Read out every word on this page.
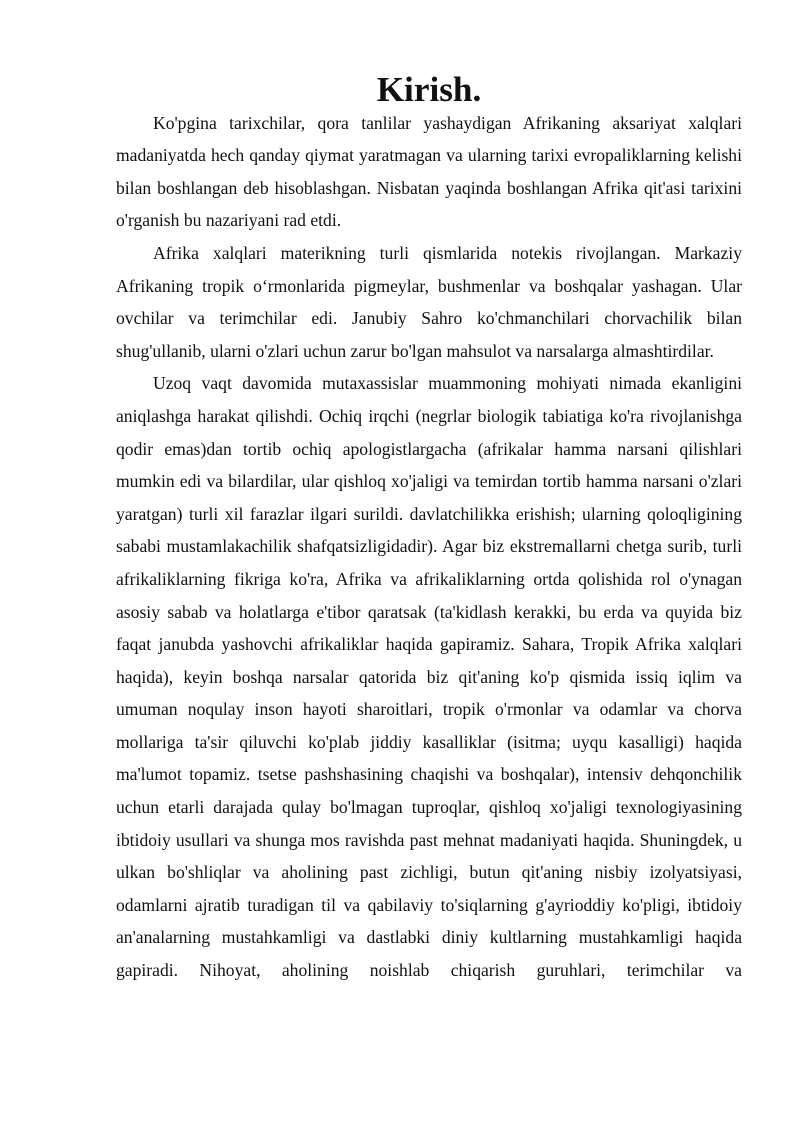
Kirish.

Ko'pgina tarixchilar, qora tanlilar yashaydigan Afrikaning aksariyat xalqlari madaniyatda hech qanday qiymat yaratmagan va ularning tarixi evropaliklarning kelishi bilan boshlangan deb hisoblashgan. Nisbatan yaqinda boshlangan Afrika qit'asi tarixini o'rganish bu nazariyani rad etdi.

Afrika xalqlari materikning turli qismlarida notekis rivojlangan. Markaziy Afrikaning tropik o‘rmonlarida pigmeylar, bushmenlar va boshqalar yashagan. Ular ovchilar va terimchilar edi. Janubiy Sahro ko'chmanchilari chorvachilik bilan shug'ullanib, ularni o'zlari uchun zarur bo'lgan mahsulot va narsalarga almashtirdilar.

Uzoq vaqt davomida mutaxassislar muammoning mohiyati nimada ekanligini aniqlashga harakat qilishdi. Ochiq irqchi (negrlar biologik tabiatiga ko'ra rivojlanishga qodir emas)dan tortib ochiq apologistlargacha (afrikalar hamma narsani qilishlari mumkin edi va bilardilar, ular qishloq xo'jaligi va temirdan tortib hamma narsani o'zlari yaratgan) turli xil farazlar ilgari surildi. davlatchilikka erishish; ularning qoloqligining sababi mustamlakachilik shafqatsizligidadir). Agar biz ekstremallarni chetga surib, turli afrikaliklarning fikriga ko'ra, Afrika va afrikaliklarning ortda qolishida rol o'ynagan asosiy sabab va holatlarga e'tibor qaratsak (ta'kidlash kerakki, bu erda va quyida biz faqat janubda yashovchi afrikaliklar haqida gapiramiz. Sahara, Tropik Afrika xalqlari haqida), keyin boshqa narsalar qatorida biz qit'aning ko'p qismida issiq iqlim va umuman noqulay inson hayoti sharoitlari, tropik o'rmonlar va odamlar va chorva mollariga ta'sir qiluvchi ko'plab jiddiy kasalliklar (isitma; uyqu kasalligi) haqida ma'lumot topamiz. tsetse pashshasining chaqishi va boshqalar), intensiv dehqonchilik uchun etarli darajada qulay bo'lmagan tuproqlar, qishloq xo'jaligi texnologiyasining ibtidoiy usullari va shunga mos ravishda past mehnat madaniyati haqida. Shuningdek, u ulkan bo'shliqlar va aholining past zichligi, butun qit'aning nisbiy izolyatsiyasi, odamlarni ajratib turadigan til va qabilaviy to'siqlarning g'ayrioddiy ko'pligi, ibtidoiy an'analarning mustahkamligi va dastlabki diniy kultlarning mustahkamligi haqida gapiradi. Nihoyat, aholining noishlab chiqarish guruhlari, terimchilar va
